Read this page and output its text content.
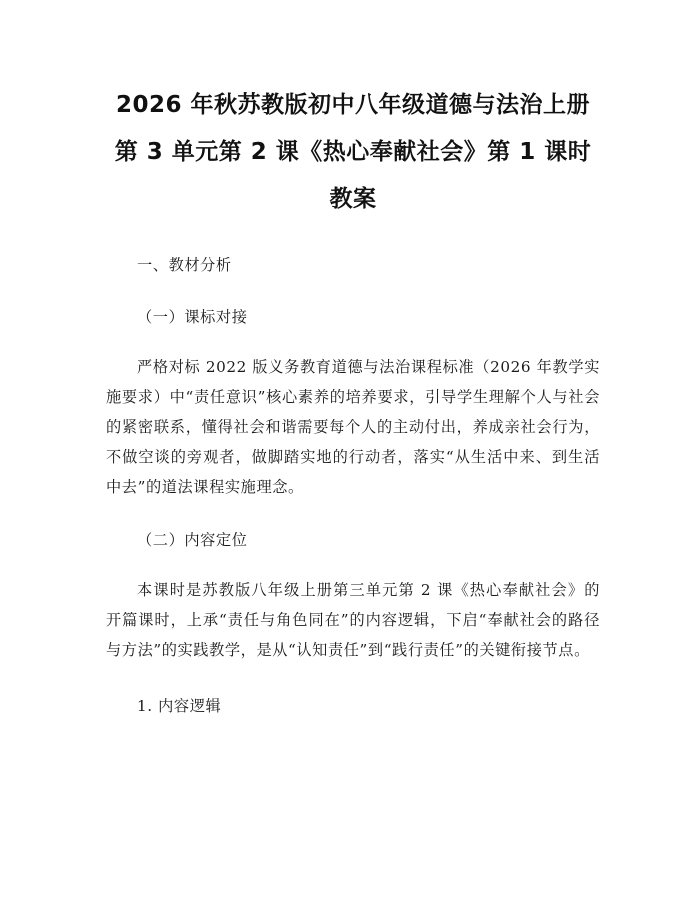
2026 年秋苏教版初中八年级道德与法治上册
第 3 单元第 2 课《热心奉献社会》第 1 课时
教案

一、教材分析

（一）课标对接

严格对标 2022 版义务教育道德与法治课程标准（2026 年教学实施要求）中“责任意识”核心素养的培养要求，引导学生理解个人与社会的紧密联系，懂得社会和谐需要每个人的主动付出，养成亲社会行为，不做空谈的旁观者，做脚踏实地的行动者，落实“从生活中来、到生活中去”的道法课程实施理念。

（二）内容定位

本课时是苏教版八年级上册第三单元第 2 课《热心奉献社会》的开篇课时，上承“责任与角色同在”的内容逻辑，下启“奉献社会的路径与方法”的实践教学，是从“认知责任”到“践行责任”的关键衔接节点。

1. 内容逻辑
